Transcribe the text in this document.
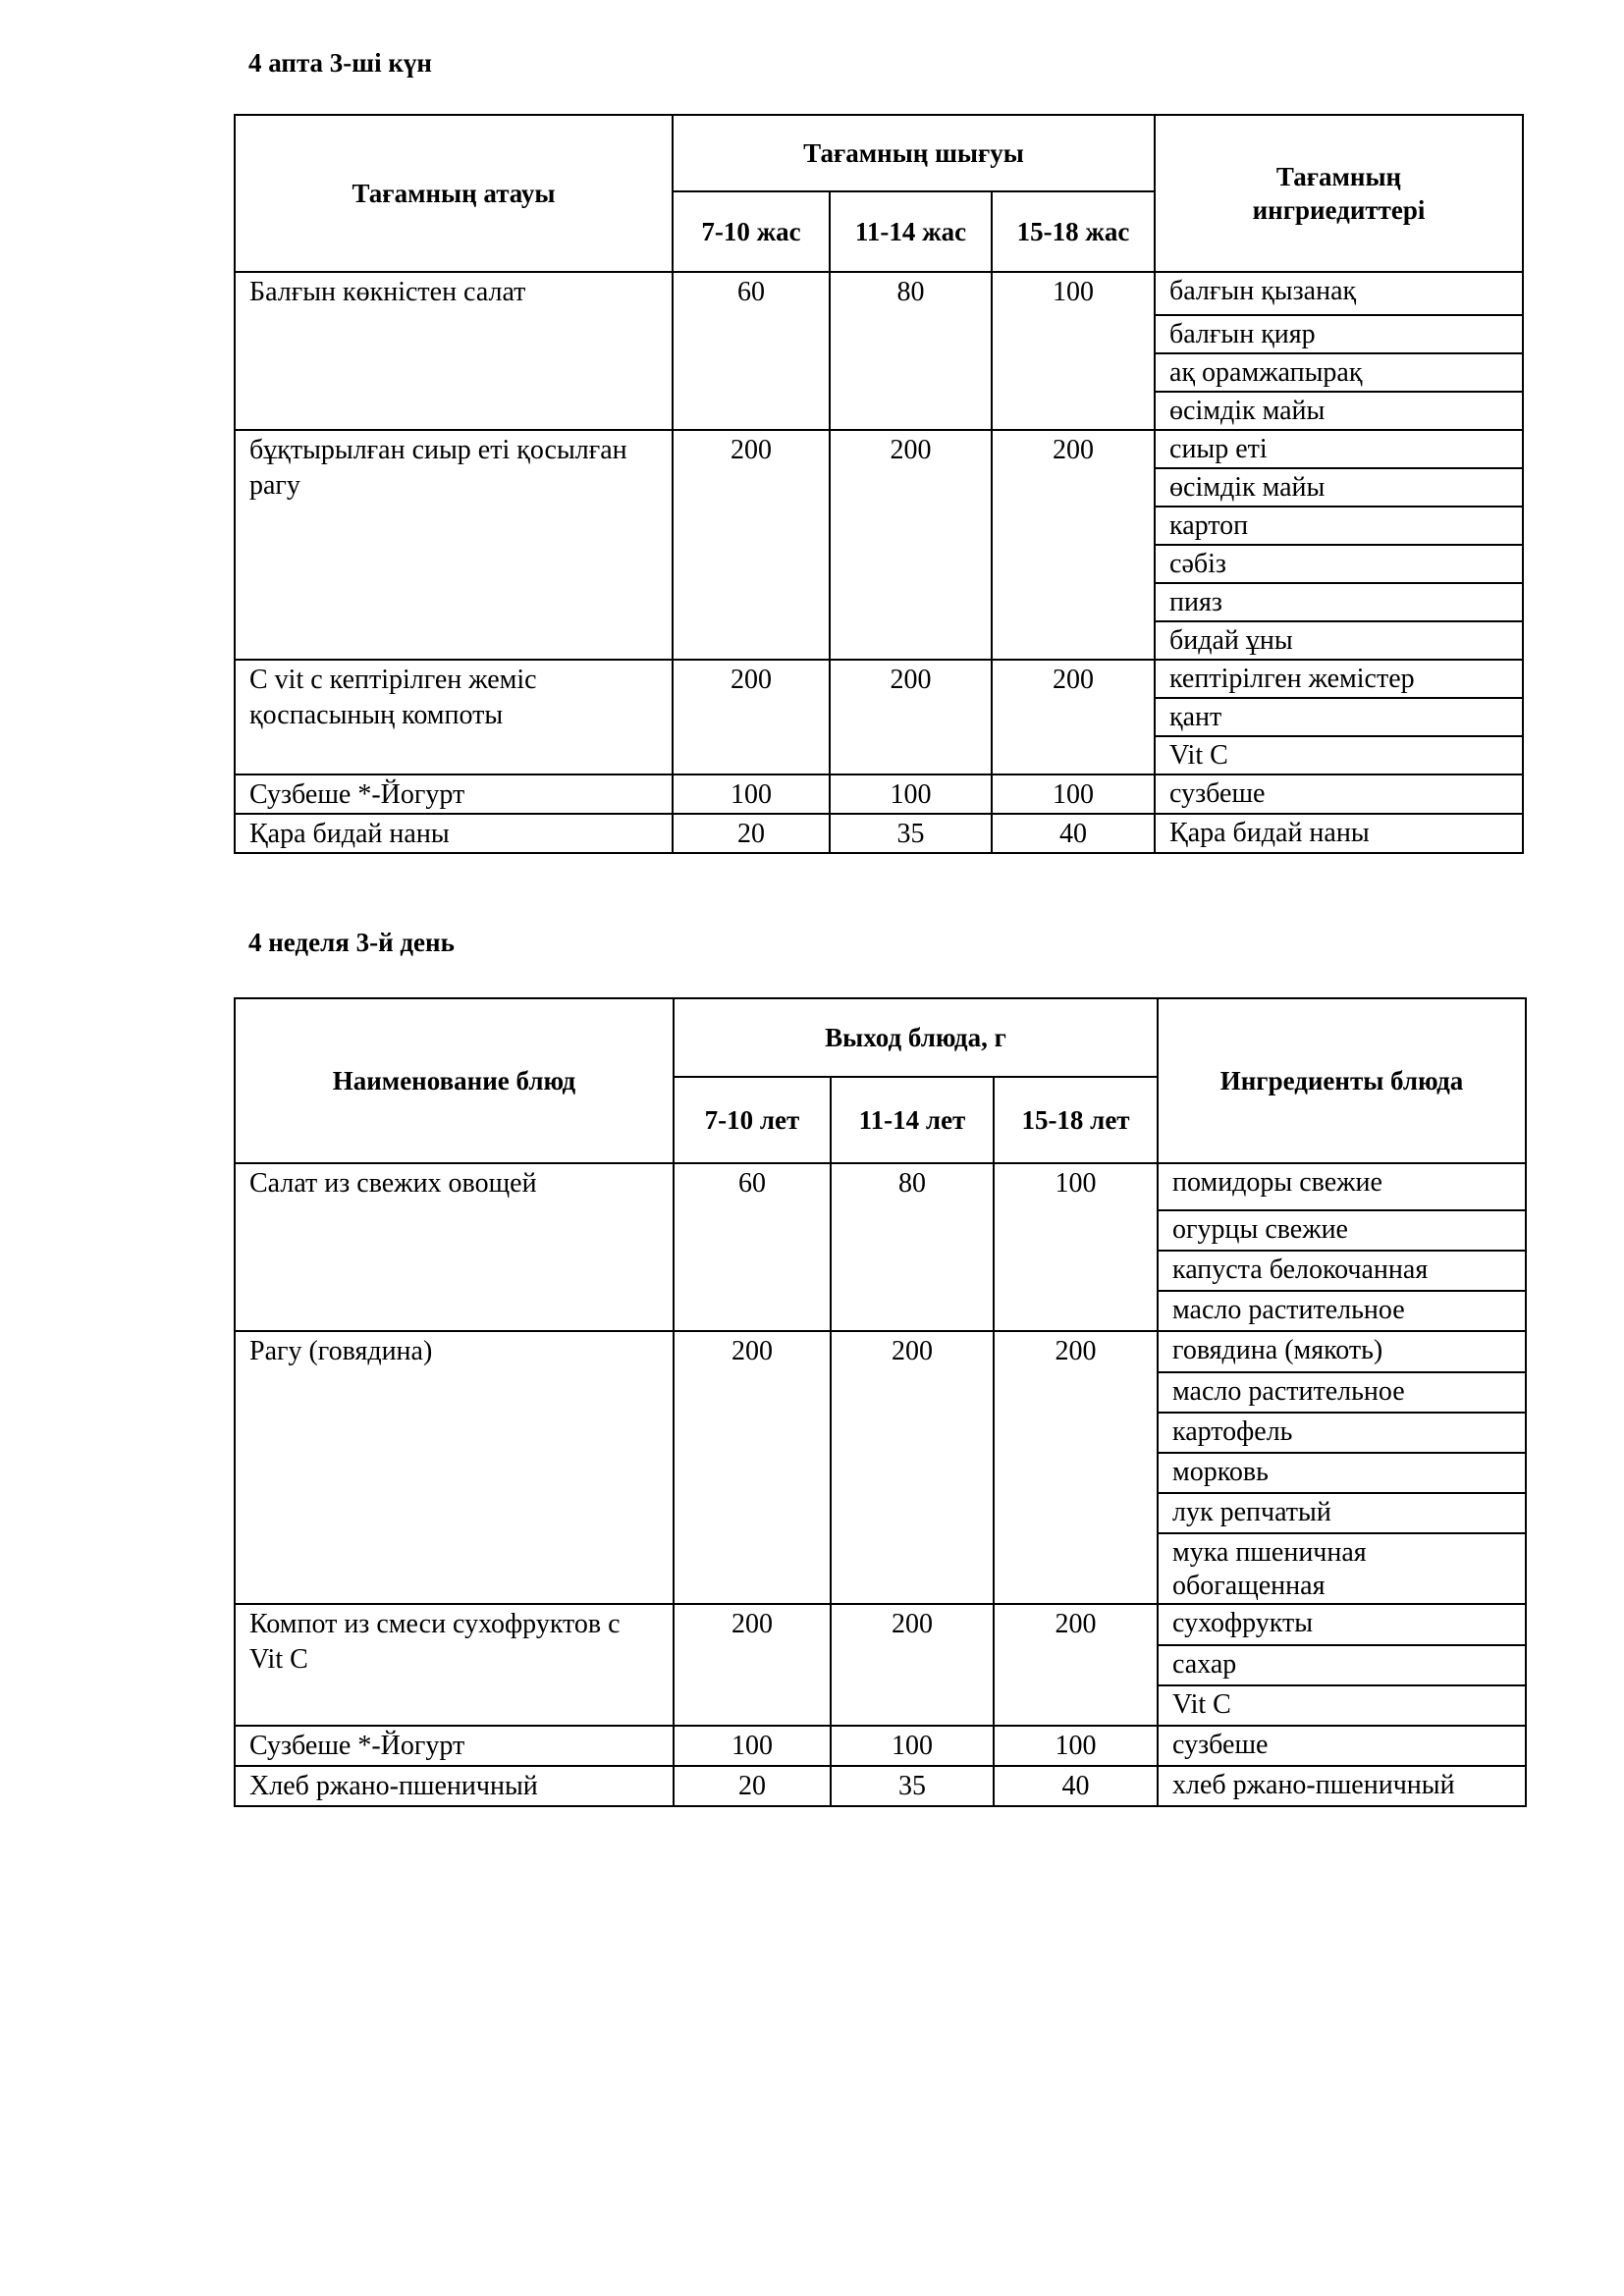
4 апта 3-ші күн
Тағамның атауы	Тағамның шығуы			Тағамның ингриедиттері
	7-10 жас	11-14 жас	15-18 жас	
Балғын көкністен салат	60	80	100	балғын қызанақ
				балғын қияр
				ақ орамжапырақ
				өсімдік майы
бұқтырылған сиыр еті қосылған рагу	200	200	200	сиыр еті
				өсімдік майы
				картоп
				сәбіз
				пияз
				бидай ұны
C vit с кептірілген жеміс қоспасының компоты	200	200	200	кептірілген жемістер
				қант
				Vit C
Сузбеше *-Йогурт	100	100	100	сузбеше
Қара бидай наны	20	35	40	Қара бидай наны
4 неделя 3-й день
Наименование блюд	Выход блюда, г			Ингредиенты блюда
	7-10 лет	11-14 лет	15-18 лет	
Салат из свежих овощей	60	80	100	помидоры свежие
				огурцы свежие
				капуста белокочанная
				масло растительное
Рагу (говядина)	200	200	200	говядина (мякоть)
				масло растительное
				картофель
				морковь
				лук репчатый
				мука пшеничная обогащенная
Компот из смеси сухофруктов с Vit C	200	200	200	сухофрукты
				сахар
				Vit C
Сузбеше *-Йогурт	100	100	100	сузбеше
Хлеб ржано-пшеничный	20	35	40	хлеб ржано-пшеничный
